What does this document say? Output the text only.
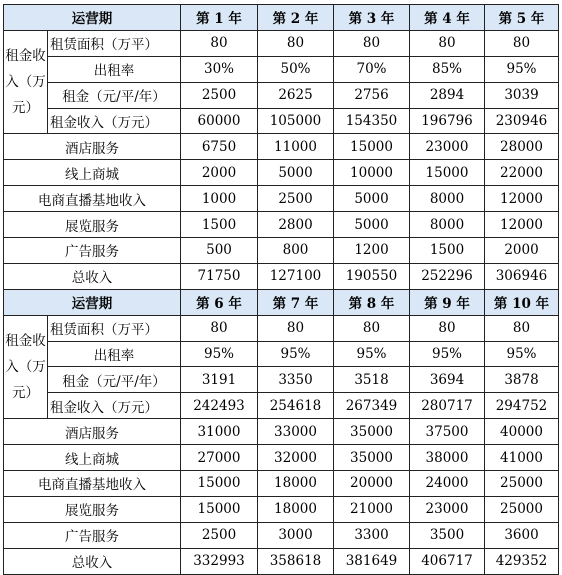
运营期		第 1 年	第 2 年	第 3 年	第 4 年	第 5 年
租金收入（万元）	租赁面积（万平）	80	80	80	80	80
	出租率	30%	50%	70%	85%	95%
	租金（元/平/年）	2500	2625	2756	2894	3039
	租金收入（万元）	60000	105000	154350	196796	230946
酒店服务		6750	11000	15000	23000	28000
线上商城		2000	5000	10000	15000	22000
电商直播基地收入		1000	2500	5000	8000	12000
展览服务		1500	2800	5000	8000	12000
广告服务		500	800	1200	1500	2000
总收入		71750	127100	190550	252296	306946
运营期		第 6 年	第 7 年	第 8 年	第 9 年	第 10 年
租金收入（万元）	租赁面积（万平）	80	80	80	80	80
	出租率	95%	95%	95%	95%	95%
	租金（元/平/年）	3191	3350	3518	3694	3878
	租金收入（万元）	242493	254618	267349	280717	294752
酒店服务		31000	33000	35000	37500	40000
线上商城		27000	32000	35000	38000	41000
电商直播基地收入		15000	18000	20000	24000	25000
展览服务		15000	18000	21000	23000	25000
广告服务		2500	3000	3300	3500	3600
总收入		332993	358618	381649	406717	429352
